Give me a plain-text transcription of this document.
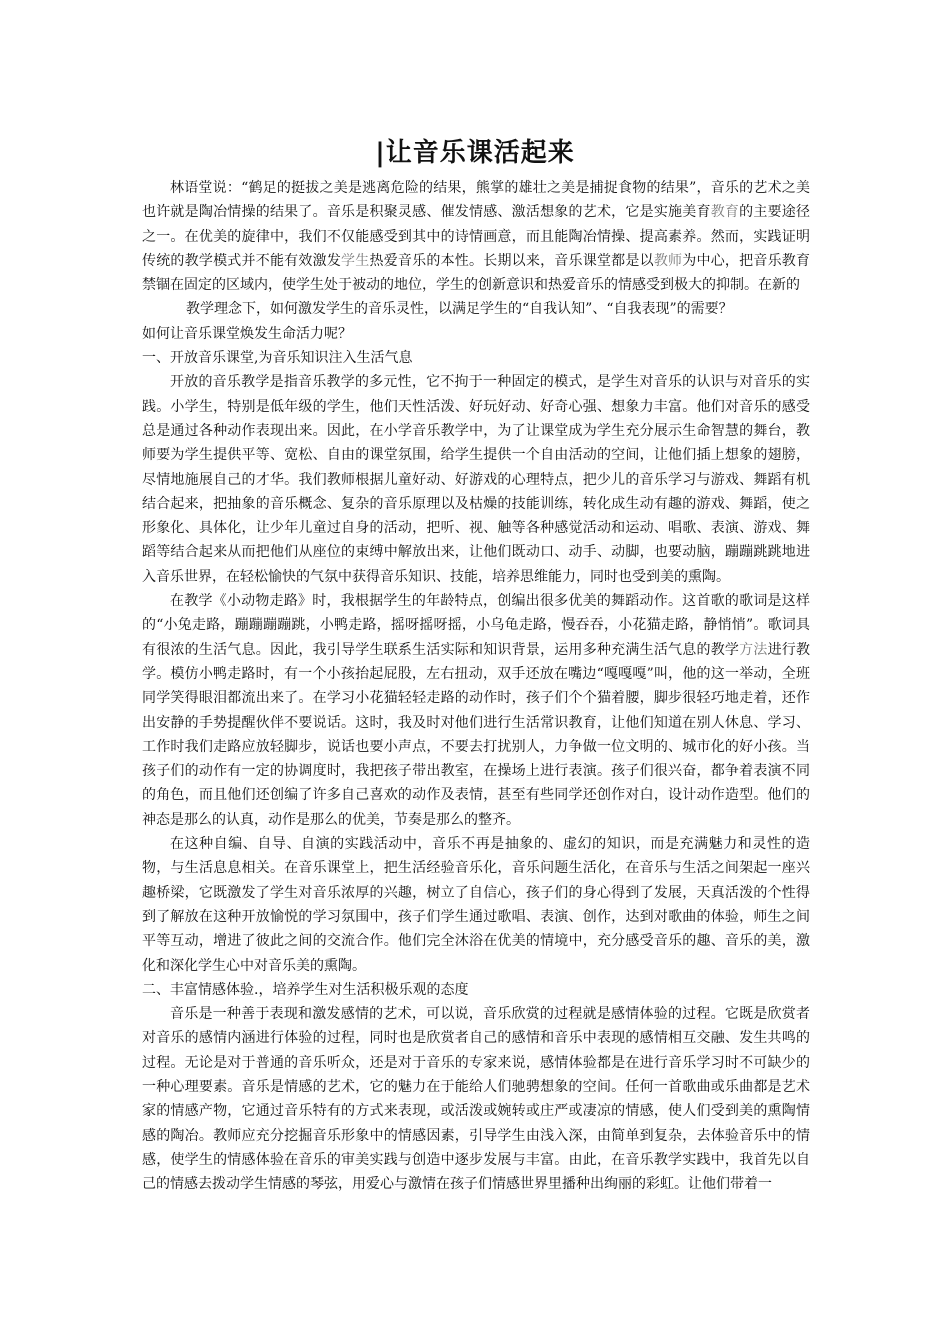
|让音乐课活起来

林语堂说：“鹤足的挺拔之美是逃离危险的结果，熊掌的雄壮之美是捕捉食物的结果”，音乐的艺术之美也许就是陶冶情操的结果了。音乐是积聚灵感、催发情感、激活想象的艺术，它是实施美育教育的主要途径之一。在优美的旋律中，我们不仅能感受到其中的诗情画意，而且能陶冶情操、提高素养。然而，实践证明传统的教学模式并不能有效激发学生热爱音乐的本性。长期以来，音乐课堂都是以教师为中心，把音乐教育禁锢在固定的区域内，使学生处于被动的地位，学生的创新意识和热爱音乐的情感受到极大的抑制。在新的

教学理念下，如何激发学生的音乐灵性，以满足学生的“自我认知”、“自我表现”的需要？

如何让音乐课堂焕发生命活力呢？

一、开放音乐课堂,为音乐知识注入生活气息

开放的音乐教学是指音乐教学的多元性，它不拘于一种固定的模式，是学生对音乐的认识与对音乐的实践。小学生，特别是低年级的学生，他们天性活泼、好玩好动、好奇心强、想象力丰富。他们对音乐的感受总是通过各种动作表现出来。因此，在小学音乐教学中，为了让课堂成为学生充分展示生命智慧的舞台，教师要为学生提供平等、宽松、自由的课堂氛围，给学生提供一个自由活动的空间，让他们插上想象的翅膀，尽情地施展自己的才华。我们教师根据儿童好动、好游戏的心理特点，把少儿的音乐学习与游戏、舞蹈有机结合起来，把抽象的音乐概念、复杂的音乐原理以及枯燥的技能训练，转化成生动有趣的游戏、舞蹈，使之形象化、具体化，让少年儿童过自身的活动，把听、视、触等各种感觉活动和运动、唱歌、表演、游戏、舞蹈等结合起来从而把他们从座位的束缚中解放出来，让他们既动口、动手、动脚，也要动脑，蹦蹦跳跳地进入音乐世界，在轻松愉快的气氛中获得音乐知识、技能，培养思维能力，同时也受到美的熏陶。

在教学《小动物走路》时，我根据学生的年龄特点，创编出很多优美的舞蹈动作。这首歌的歌词是这样的“小兔走路，蹦蹦蹦蹦跳，小鸭走路，摇呀摇呀摇，小乌龟走路，慢吞吞，小花猫走路，静悄悄”。歌词具有很浓的生活气息。因此，我引导学生联系生活实际和知识背景，运用多种充满生活气息的教学方法进行教学。模仿小鸭走路时，有一个小孩抬起屁股，左右扭动，双手还放在嘴边“嘎嘎嘎”叫，他的这一举动，全班同学笑得眼泪都流出来了。在学习小花猫轻轻走路的动作时，孩子们个个猫着腰，脚步很轻巧地走着，还作出安静的手势提醒伙伴不要说话。这时，我及时对他们进行生活常识教育，让他们知道在别人休息、学习、工作时我们走路应放轻脚步，说话也要小声点，不要去打扰别人，力争做一位文明的、城市化的好小孩。当孩子们的动作有一定的协调度时，我把孩子带出教室，在操场上进行表演。孩子们很兴奋，都争着表演不同的角色，而且他们还创编了许多自己喜欢的动作及表情，甚至有些同学还创作对白，设计动作造型。他们的神态是那么的认真，动作是那么的优美，节奏是那么的整齐。

在这种自编、自导、自演的实践活动中，音乐不再是抽象的、虚幻的知识，而是充满魅力和灵性的造物，与生活息息相关。在音乐课堂上，把生活经验音乐化，音乐问题生活化，在音乐与生活之间架起一座兴趣桥梁，它既激发了学生对音乐浓厚的兴趣，树立了自信心，孩子们的身心得到了发展，天真活泼的个性得到了解放在这种开放愉悦的学习氛围中，孩子们学生通过歌唱、表演、创作，达到对歌曲的体验，师生之间平等互动，增进了彼此之间的交流合作。他们完全沐浴在优美的情境中，充分感受音乐的趣、音乐的美，激化和深化学生心中对音乐美的熏陶。

二、丰富情感体验.，培养学生对生活积极乐观的态度

音乐是一种善于表现和激发感情的艺术，可以说，音乐欣赏的过程就是感情体验的过程。它既是欣赏者对音乐的感情内涵进行体验的过程，同时也是欣赏者自己的感情和音乐中表现的感情相互交融、发生共鸣的过程。无论是对于普通的音乐听众，还是对于音乐的专家来说，感情体验都是在进行音乐学习时不可缺少的一种心理要素。音乐是情感的艺术，它的魅力在于能给人们驰骋想象的空间。任何一首歌曲或乐曲都是艺术家的情感产物，它通过音乐特有的方式来表现，或活泼或婉转或庄严或凄凉的情感，使人们受到美的熏陶情感的陶冶。教师应充分挖掘音乐形象中的情感因素，引导学生由浅入深，由简单到复杂，去体验音乐中的情感，使学生的情感体验在音乐的审美实践与创造中逐步发展与丰富。由此，在音乐教学实践中，我首先以自己的情感去拨动学生情感的琴弦，用爱心与激情在孩子们情感世界里播种出绚丽的彩虹。让他们带着一
